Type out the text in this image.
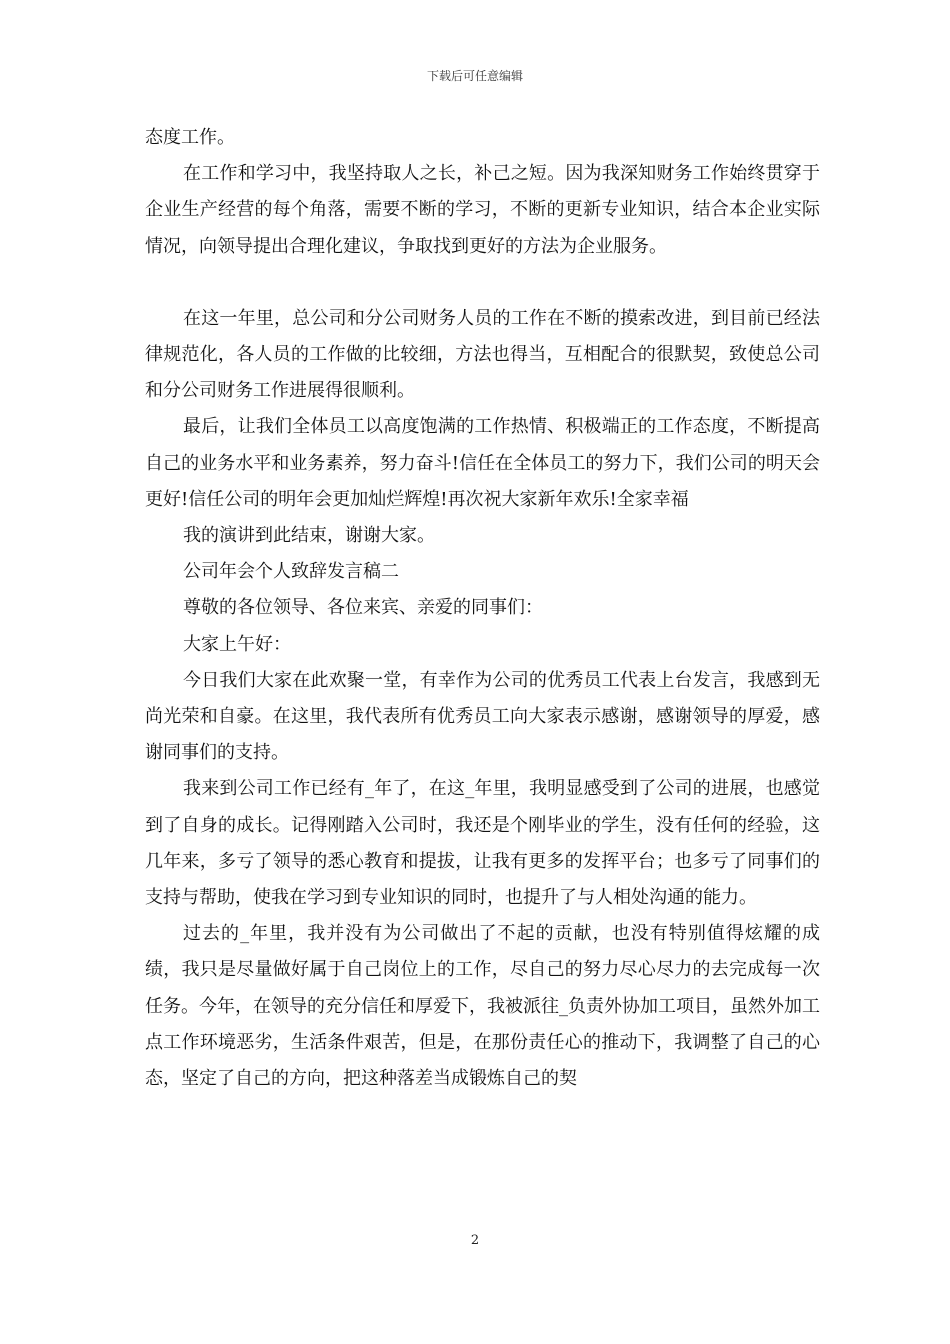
下载后可任意编辑

态度工作。

在工作和学习中，我坚持取人之长，补己之短。因为我深知财务工作始终贯穿于企业生产经营的每个角落，需要不断的学习，不断的更新专业知识，结合本企业实际情况，向领导提出合理化建议，争取找到更好的方法为企业服务。

在这一年里，总公司和分公司财务人员的工作在不断的摸索改进，到目前已经法律规范化，各人员的工作做的比较细，方法也得当，互相配合的很默契，致使总公司和分公司财务工作进展得很顺利。

最后，让我们全体员工以高度饱满的工作热情、积极端正的工作态度，不断提高自己的业务水平和业务素养，努力奋斗!信任在全体员工的努力下，我们公司的明天会更好!信任公司的明年会更加灿烂辉煌!再次祝大家新年欢乐!全家幸福

我的演讲到此结束，谢谢大家。

公司年会个人致辞发言稿二

尊敬的各位领导、各位来宾、亲爱的同事们：

大家上午好：

今日我们大家在此欢聚一堂，有幸作为公司的优秀员工代表上台发言，我感到无尚光荣和自豪。在这里，我代表所有优秀员工向大家表示感谢，感谢领导的厚爱，感谢同事们的支持。

我来到公司工作已经有_年了，在这_年里，我明显感受到了公司的进展，也感觉到了自身的成长。记得刚踏入公司时，我还是个刚毕业的学生，没有任何的经验，这几年来，多亏了领导的悉心教育和提拔，让我有更多的发挥平台；也多亏了同事们的支持与帮助，使我在学习到专业知识的同时，也提升了与人相处沟通的能力。

过去的_年里，我并没有为公司做出了不起的贡献，也没有特别值得炫耀的成绩，我只是尽量做好属于自己岗位上的工作，尽自己的努力尽心尽力的去完成每一次任务。今年，在领导的充分信任和厚爱下，我被派往_负责外协加工项目，虽然外加工点工作环境恶劣，生活条件艰苦，但是，在那份责任心的推动下，我调整了自己的心态，坚定了自己的方向，把这种落差当成锻炼自己的契

2
